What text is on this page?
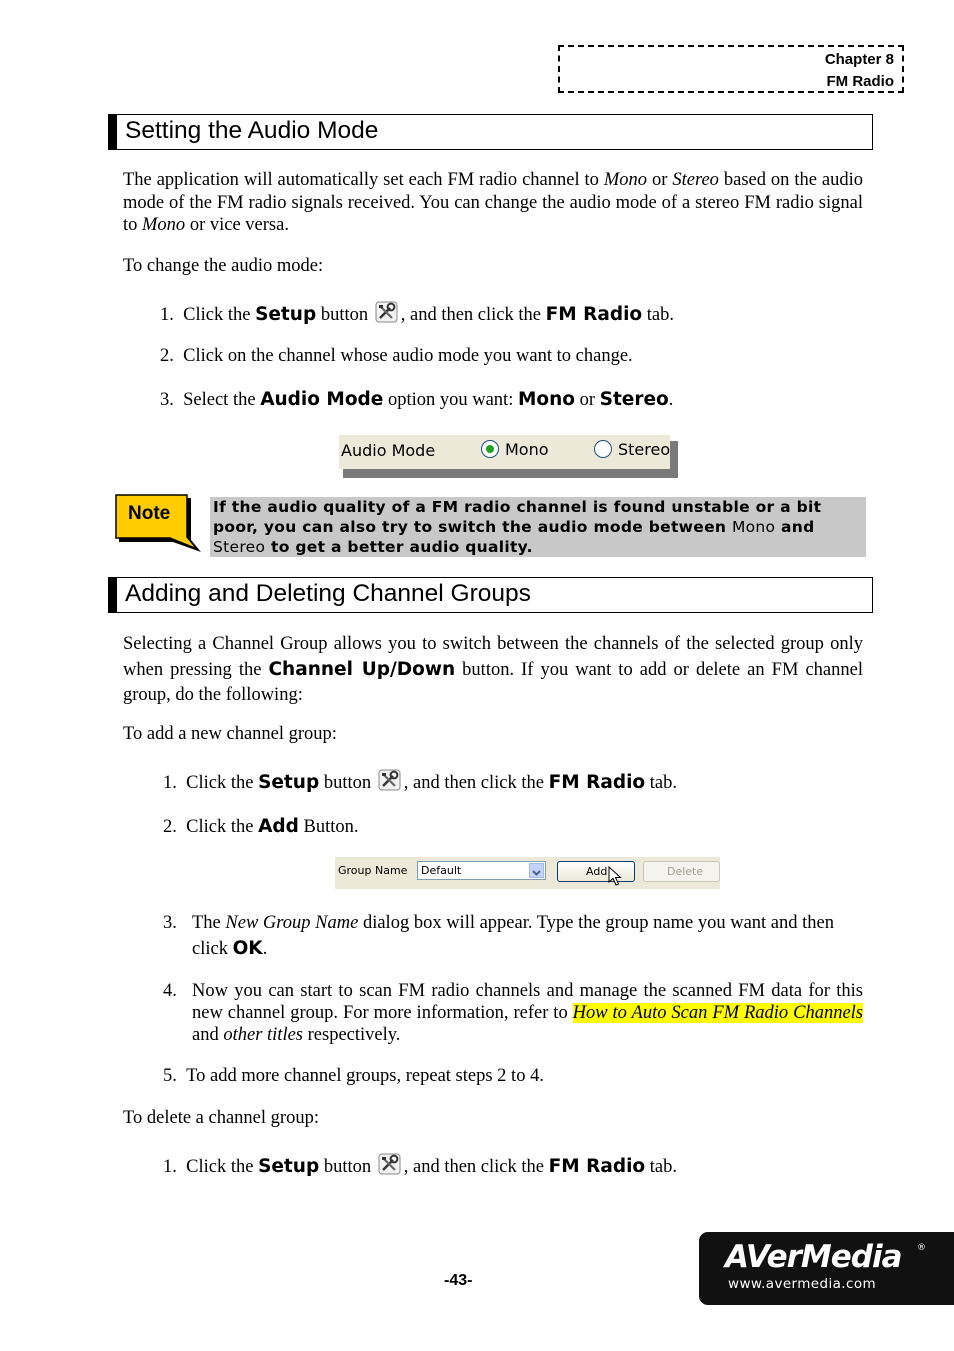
Chapter 8
FM Radio
Setting the Audio Mode
The application will automatically set each FM radio channel to Mono or Stereo based on the audio mode of the FM radio signals received. You can change the audio mode of a stereo FM radio signal to Mono or vice versa.
To change the audio mode:
1. Click the Setup button , and then click the FM Radio tab.
2. Click on the channel whose audio mode you want to change.
3. Select the Audio Mode option you want: Mono or Stereo.
Audio Mode	Mono	Stereo
Note	If the audio quality of a FM radio channel is found unstable or a bit poor, you can also try to switch the audio mode between Mono and Stereo to get a better audio quality.
Adding and Deleting Channel Groups
Selecting a Channel Group allows you to switch between the channels of the selected group only when pressing the Channel Up/Down button. If you want to add or delete an FM channel group, do the following:
To add a new channel group:
1. Click the Setup button , and then click the FM Radio tab.
2. Click the Add Button.
Group Name Default	Add	Delete
3. The New Group Name dialog box will appear. Type the group name you want and then click OK.
4. Now you can start to scan FM radio channels and manage the scanned FM data for this new channel group. For more information, refer to How to Auto Scan FM Radio Channels and other titles respectively.
5. To add more channel groups, repeat steps 2 to 4.
To delete a channel group:
1. Click the Setup button , and then click the FM Radio tab.
-43-
AVerMedia ®
www.avermedia.com
